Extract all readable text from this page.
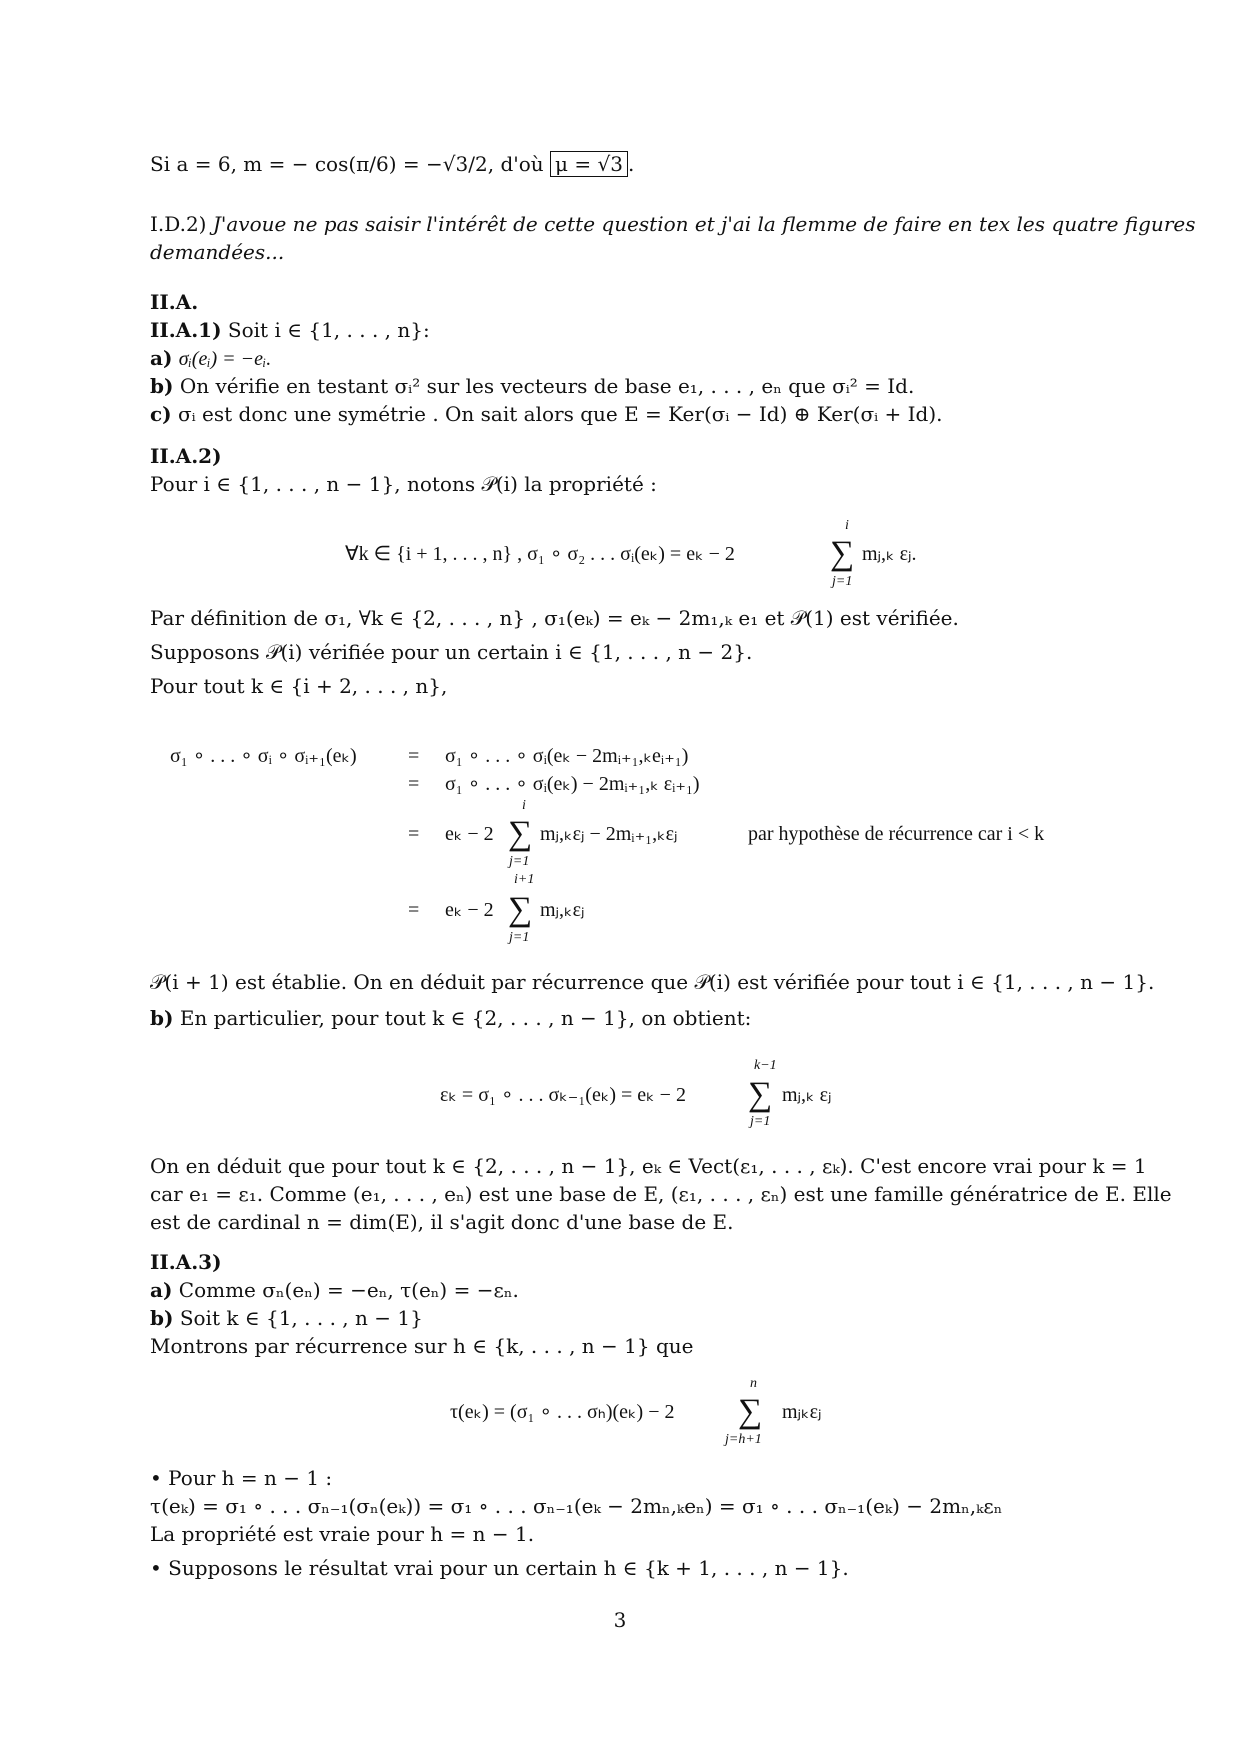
Si a = 6, m = − cos(π/6) = −√3/2, d'où μ = √3 .
I.D.2) J'avoue ne pas saisir l'intérêt de cette question et j'ai la flemme de faire en tex les quatre figures
demandées...
II.A.
II.A.1) Soit i ∈ {1, . . . , n}:
a) σᵢ(eᵢ) = −eᵢ.
b) On vérifie en testant σᵢ² sur les vecteurs de base e₁, . . . , eₙ que σᵢ² = Id.
c) σᵢ est donc une symétrie . On sait alors que E = Ker(σᵢ − Id) ⊕ Ker(σᵢ + Id).
II.A.2)
Pour i ∈ {1, . . . , n − 1}, notons 𝒫(i) la propriété :
∀k ∈ {i + 1, . . . , n} , σ₁ ∘ σ₂ . . . σᵢ(eₖ) = eₖ − 2
i
∑
j=1
mⱼ,ₖ εⱼ.
Par définition de σ₁, ∀k ∈ {2, . . . , n} , σ₁(eₖ) = eₖ − 2m₁,ₖ e₁ et 𝒫(1) est vérifiée.
Supposons 𝒫(i) vérifiée pour un certain i ∈ {1, . . . , n − 2}.
Pour tout k ∈ {i + 2, . . . , n},
σ₁ ∘ . . . ∘ σᵢ ∘ σᵢ₊₁(eₖ)	= σ₁ ∘ . . . ∘ σᵢ(eₖ − 2mᵢ₊₁,ₖeᵢ₊₁)
= σ₁ ∘ . . . ∘ σᵢ(eₖ) − 2mᵢ₊₁,ₖ εᵢ₊₁)
= eₖ − 2
i
∑
j=1
mⱼ,ₖεⱼ − 2mᵢ₊₁,ₖεⱼ	par hypothèse de récurrence car i < k
i+1
= eₖ − 2 ∑
j=1
mⱼ,ₖεⱼ
𝒫(i + 1) est établie. On en déduit par récurrence que 𝒫(i) est vérifiée pour tout i ∈ {1, . . . , n − 1}.
b) En particulier, pour tout k ∈ {2, . . . , n − 1}, on obtient:
εₖ = σ₁ ∘ . . . σₖ₋₁(eₖ) = eₖ − 2
k−1
∑
j=1
mⱼ,ₖ εⱼ
On en déduit que pour tout k ∈ {2, . . . , n − 1}, eₖ ∈ Vect(ε₁, . . . , εₖ). C'est encore vrai pour k = 1
car e₁ = ε₁. Comme (e₁, . . . , eₙ) est une base de E, (ε₁, . . . , εₙ) est une famille génératrice de E. Elle
est de cardinal n = dim(E), il s'agit donc d'une base de E.
II.A.3)
a) Comme σₙ(eₙ) = −eₙ, τ(eₙ) = −εₙ.
b) Soit k ∈ {1, . . . , n − 1}
Montrons par récurrence sur h ∈ {k, . . . , n − 1} que
τ(eₖ) = (σ₁ ∘ . . . σₕ)(eₖ) − 2
n
∑
j=h+1
mⱼₖεⱼ
• Pour h = n − 1 :
τ(eₖ) = σ₁ ∘ . . . σₙ₋₁(σₙ(eₖ)) = σ₁ ∘ . . . σₙ₋₁(eₖ − 2mₙ,ₖeₙ) = σ₁ ∘ . . . σₙ₋₁(eₖ) − 2mₙ,ₖεₙ
La propriété est vraie pour h = n − 1.
• Supposons le résultat vrai pour un certain h ∈ {k + 1, . . . , n − 1}.
3
